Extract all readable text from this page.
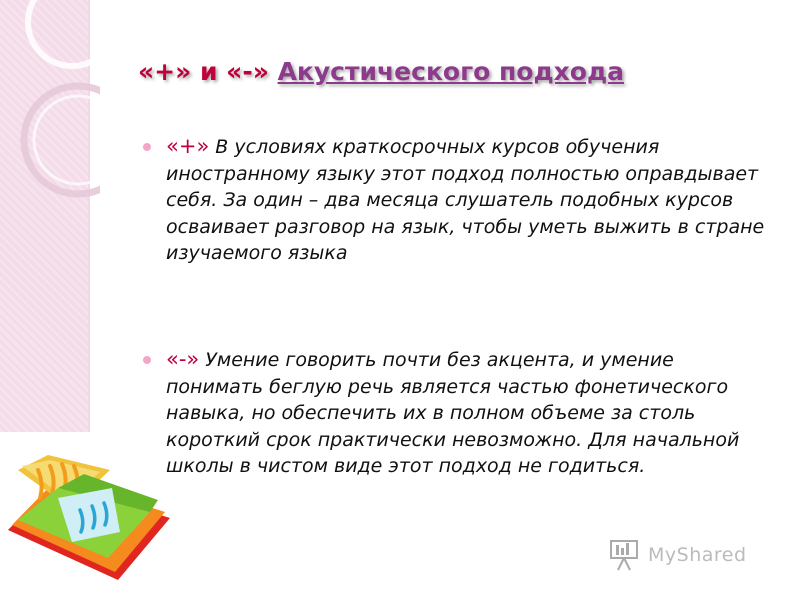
«+» и «-» Акустического подхода
«+» В условиях краткосрочных курсов обучения иностранному языку этот подход полностью оправдывает себя. За один – два месяца слушатель подобных курсов осваивает разговор на язык, чтобы уметь выжить в стране изучаемого языка
«-» Умение говорить почти без акцента, и умение понимать беглую речь является частью фонетического навыка, но обеспечить их в полном объеме за столь короткий срок практически невозможно. Для начальной школы в чистом виде этот подход не годиться.
MyShared
